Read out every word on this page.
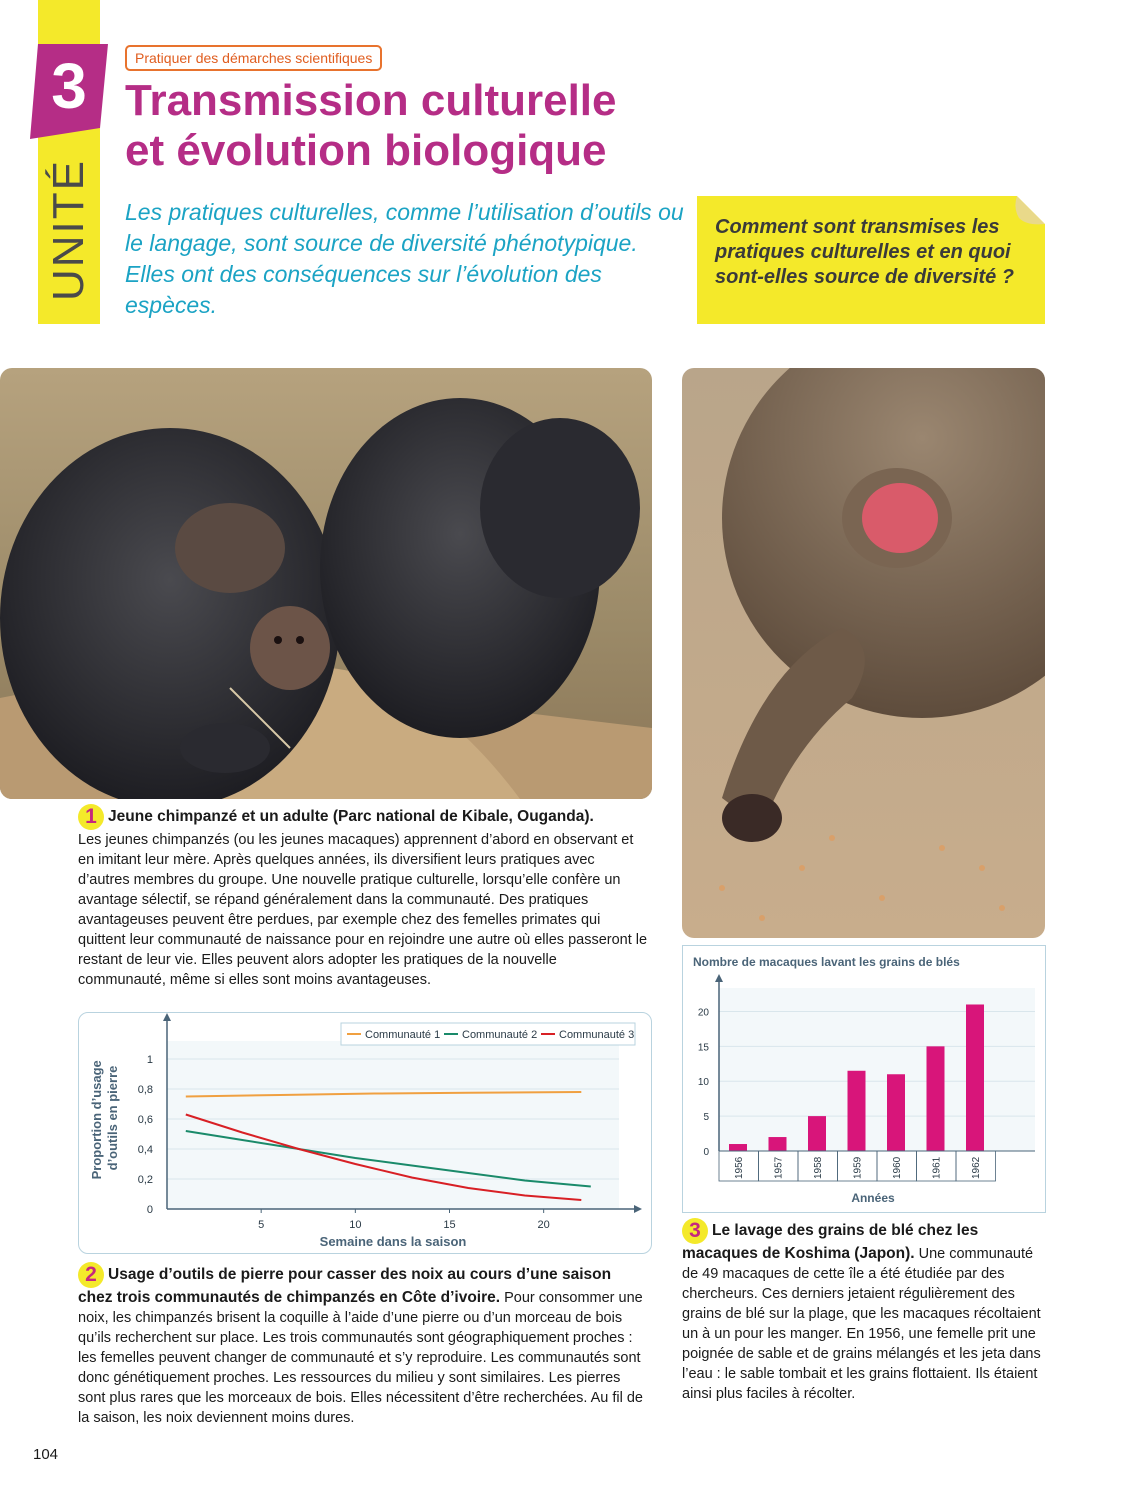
UNITÉ
3	Pratiquer des démarches scientifiques
Transmission culturelle
et évolution biologique
Les pratiques culturelles, comme l’utilisation d’outils ou le langage, sont source de diversité phénotypique. Elles ont des conséquences sur l’évolution des espèces.
Comment sont transmises les pratiques culturelles et en quoi sont-elles source de diversité ?
1 Jeune chimpanzé et un adulte (Parc national de Kibale, Ouganda).
Les jeunes chimpanzés (ou les jeunes macaques) apprennent d’abord en observant et en imitant leur mère. Après quelques années, ils diversifient leurs pratiques avec d’autres membres du groupe. Une nouvelle pratique culturelle, lorsqu’elle confère un avantage sélectif, se répand généralement dans la communauté. Des pratiques avantageuses peuvent être perdues, par exemple chez des femelles primates qui quittent leur communauté de naissance pour en rejoindre une autre où elles passeront le restant de leur vie. Elles peuvent alors adopter les pratiques de la nouvelle communauté, même si elles sont moins avantageuses.
0
0,2
0,4
0,6
0,8
1
5	10	15	20
Semaine dans la saison
Proportion d’usage d’outils en pierre
Communauté 1 Communauté 2 Communauté 3
2 Usage d’outils de pierre pour casser des noix au cours d’une saison chez trois communautés de chimpanzés en Côte d’ivoire. Pour consommer une noix, les chimpanzés brisent la coquille à l’aide d’une pierre ou d’un morceau de bois qu’ils recherchent sur place. Les trois communautés sont géographiquement proches : les femelles peuvent changer de communauté et s’y reproduire. Les communautés sont donc génétiquement proches. Les ressources du milieu y sont similaires. Les pierres sont plus rares que les morceaux de bois. Elles nécessitent d’être recherchées. Au fil de la saison, les noix deviennent moins dures.
Nombre de macaques lavant les grains de blés
0
5
10
15
20
1956	1957	1958	1959	1960	1961	1962
Années
3 Le lavage des grains de blé chez les macaques de Koshima (Japon). Une communauté de 49 macaques de cette île a été étudiée par des chercheurs. Ces derniers jetaient régulièrement des grains de blé sur la plage, que les macaques récoltaient un à un pour les manger. En 1956, une femelle prit une poignée de sable et de grains mélangés et les jeta dans l’eau : le sable tombait et les grains flottaient. Ils étaient ainsi plus faciles à récolter.
104
